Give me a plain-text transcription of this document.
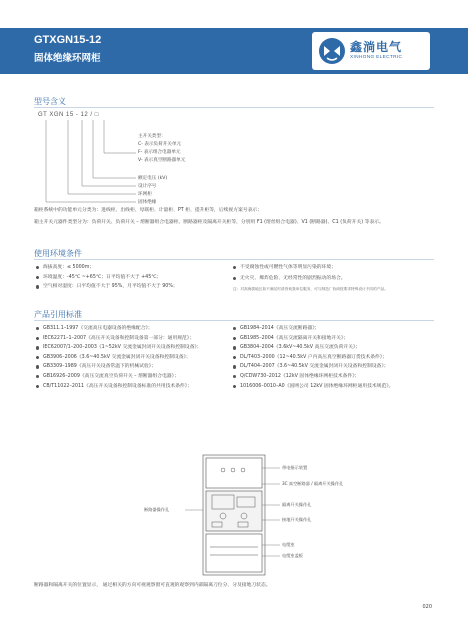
GTXGN15-12
固体绝缘环网柜
鑫淌电气
XINHONG ELECTRIC
型号含义
GT XGN 15 - 12 / □
主开关类型：
C- 表示负荷开关单元
F- 表示组合电器单元
V- 表示真空断路器单元
额定电压 (kV)
设计序号
环网柜
固体绝缘
箱柜系统中的功能单元分类为：进线柜、出线柜、母联柜、计量柜、PT 柜、提升柜等，后续视方案号表示；
箱主开关元器件类型分为：负荷开关、负荷开关 – 熔断器组合电器柜、断路器柜及隔离开关柜等，分别用 F1 (熔丝组合电器)、V1 (断路器)、C1 (负荷开关) 等表示。
使用环境条件
海拔高度：≤ 5000m；
环境温度：-45℃ ~+65℃；日平均值不大于 +45℃；
空气相对湿度：日平均值不大于 95%，月平均值不大于 90%；
不受腐蚀性或可燃性气体等明显污染的环境；
无火灾、爆炸危险、无经常性的剧烈振动的场合。
注：对高海拔地区如不满足时请咨询我单位服务，可与制造厂协商按要求特殊设计不同的产品。
产品引用标准
GB311.1–1997《交流高压电器设备的绝缘配合》；
IEC62271–1–2007《高压开关设备和控制设备第一部分：通用规范》；
IEC62007/1–200–2003《1~52kV 交流金属封闭开关设备和控制设备》；
GB3906–2006《3.6~40.5kV 交流金属封闭开关设备和控制设备》；
GB3309–1989《高压开关设备常温下的机械试验》；
GB16926–2009《高压交流真空负荷开关 – 熔断器组合电器》；
CB/T11022–2011《高压开关设备和控制设备标准的共用技术条件》；
GB1984–2014《高压交流断路器》；
GB1985–2004《高压交流隔离开关和接地开关》；
GB3804–2004《3.6kV~40.5kV 高压交流负荷开关》；
DL/T403–2000《12~40.5kV 户内高压真空断路器订货技术条件》；
DL/T404–2007《3.6~40.5kV 交流金属封闭开关设备和控制设备》；
Q/CDW730–2012《12kV 固体绝缘环网柜技术条件》；
1016006–0010–A0《国网公司 12kV 固体绝缘环网柜通用技术规范》。
断路器操作孔
带电指示装置
3C 真空断路器 / 隔离开关操作孔
隔离开关操作孔
接地开关操作孔
电缆室
电缆室盖板
断路器和隔离开关的位置显示， 通过相关的方向可视观察窗可直观的观察到内部隔离刀位分、分及接地刀状态。
020
